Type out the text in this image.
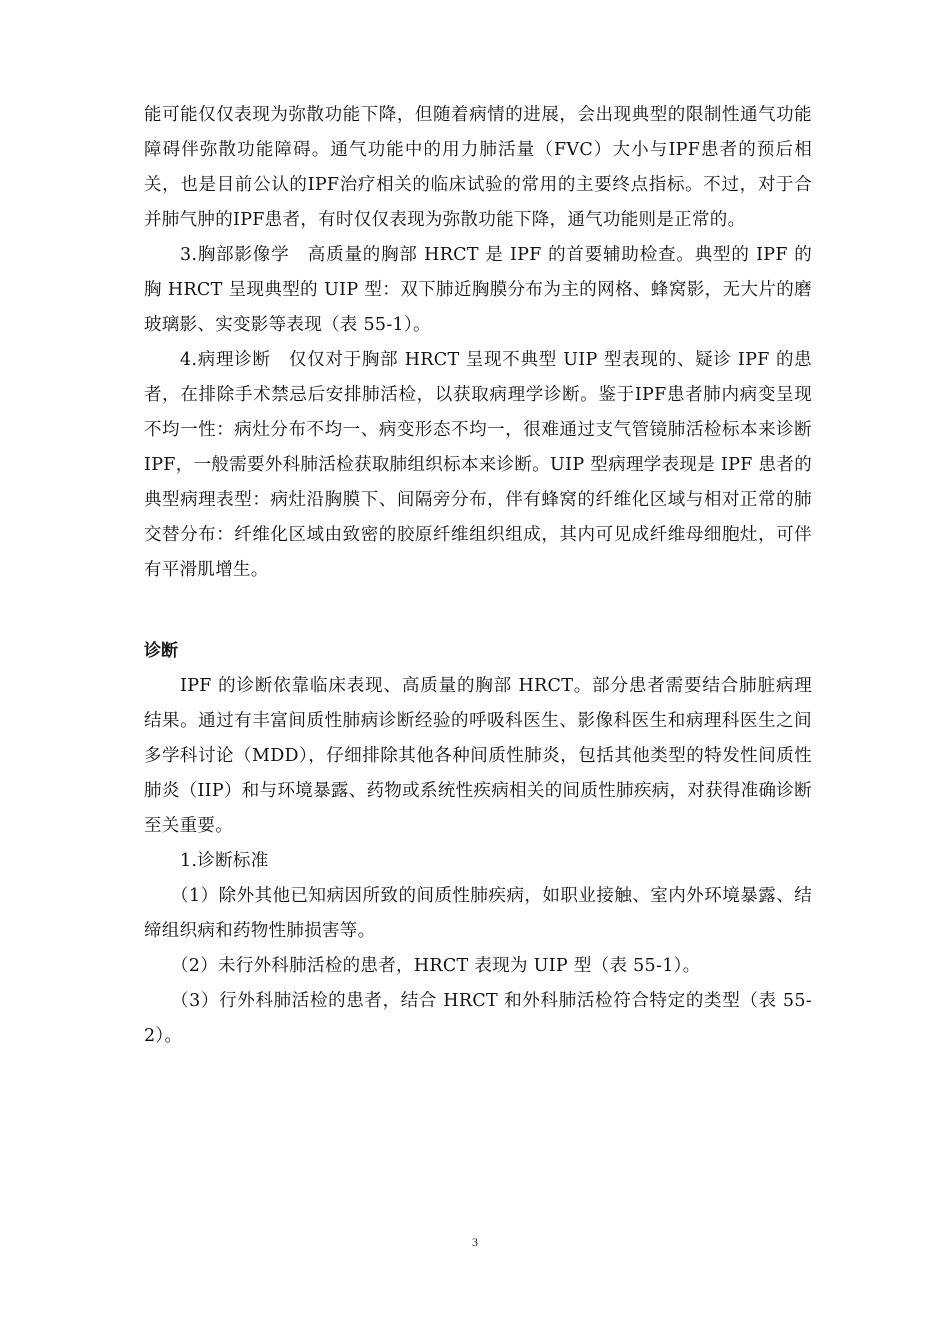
能可能仅仅表现为弥散功能下降，但随着病情的进展，会出现典型的限制性通气功能障碍伴弥散功能障碍。通气功能中的用力肺活量（FVC）大小与IPF患者的预后相关，也是目前公认的IPF治疗相关的临床试验的常用的主要终点指标。不过，对于合并肺气肿的IPF患者，有时仅仅表现为弥散功能下降，通气功能则是正常的。

3.胸部影像学　高质量的胸部 HRCT 是 IPF 的首要辅助检查。典型的 IPF 的胸 HRCT 呈现典型的 UIP 型：双下肺近胸膜分布为主的网格、蜂窝影，无大片的磨玻璃影、实变影等表现（表 55-1）。

4.病理诊断　仅仅对于胸部 HRCT 呈现不典型 UIP 型表现的、疑诊 IPF 的患者，在排除手术禁忌后安排肺活检，以获取病理学诊断。鉴于IPF患者肺内病变呈现不均一性：病灶分布不均一、病变形态不均一，很难通过支气管镜肺活检标本来诊断 IPF，一般需要外科肺活检获取肺组织标本来诊断。UIP 型病理学表现是 IPF 患者的典型病理表型：病灶沿胸膜下、间隔旁分布，伴有蜂窝的纤维化区域与相对正常的肺交替分布：纤维化区域由致密的胶原纤维组织组成，其内可见成纤维母细胞灶，可伴有平滑肌增生。

诊断

IPF 的诊断依靠临床表现、高质量的胸部 HRCT。部分患者需要结合肺脏病理结果。通过有丰富间质性肺病诊断经验的呼吸科医生、影像科医生和病理科医生之间多学科讨论（MDD），仔细排除其他各种间质性肺炎，包括其他类型的特发性间质性肺炎（IIP）和与环境暴露、药物或系统性疾病相关的间质性肺疾病，对获得准确诊断至关重要。

1.诊断标准

（1）除外其他已知病因所致的间质性肺疾病，如职业接触、室内外环境暴露、结缔组织病和药物性肺损害等。

（2）未行外科肺活检的患者，HRCT 表现为 UIP 型（表 55-1）。

（3）行外科肺活检的患者，结合 HRCT 和外科肺活检符合特定的类型（表 55-2）。

3
